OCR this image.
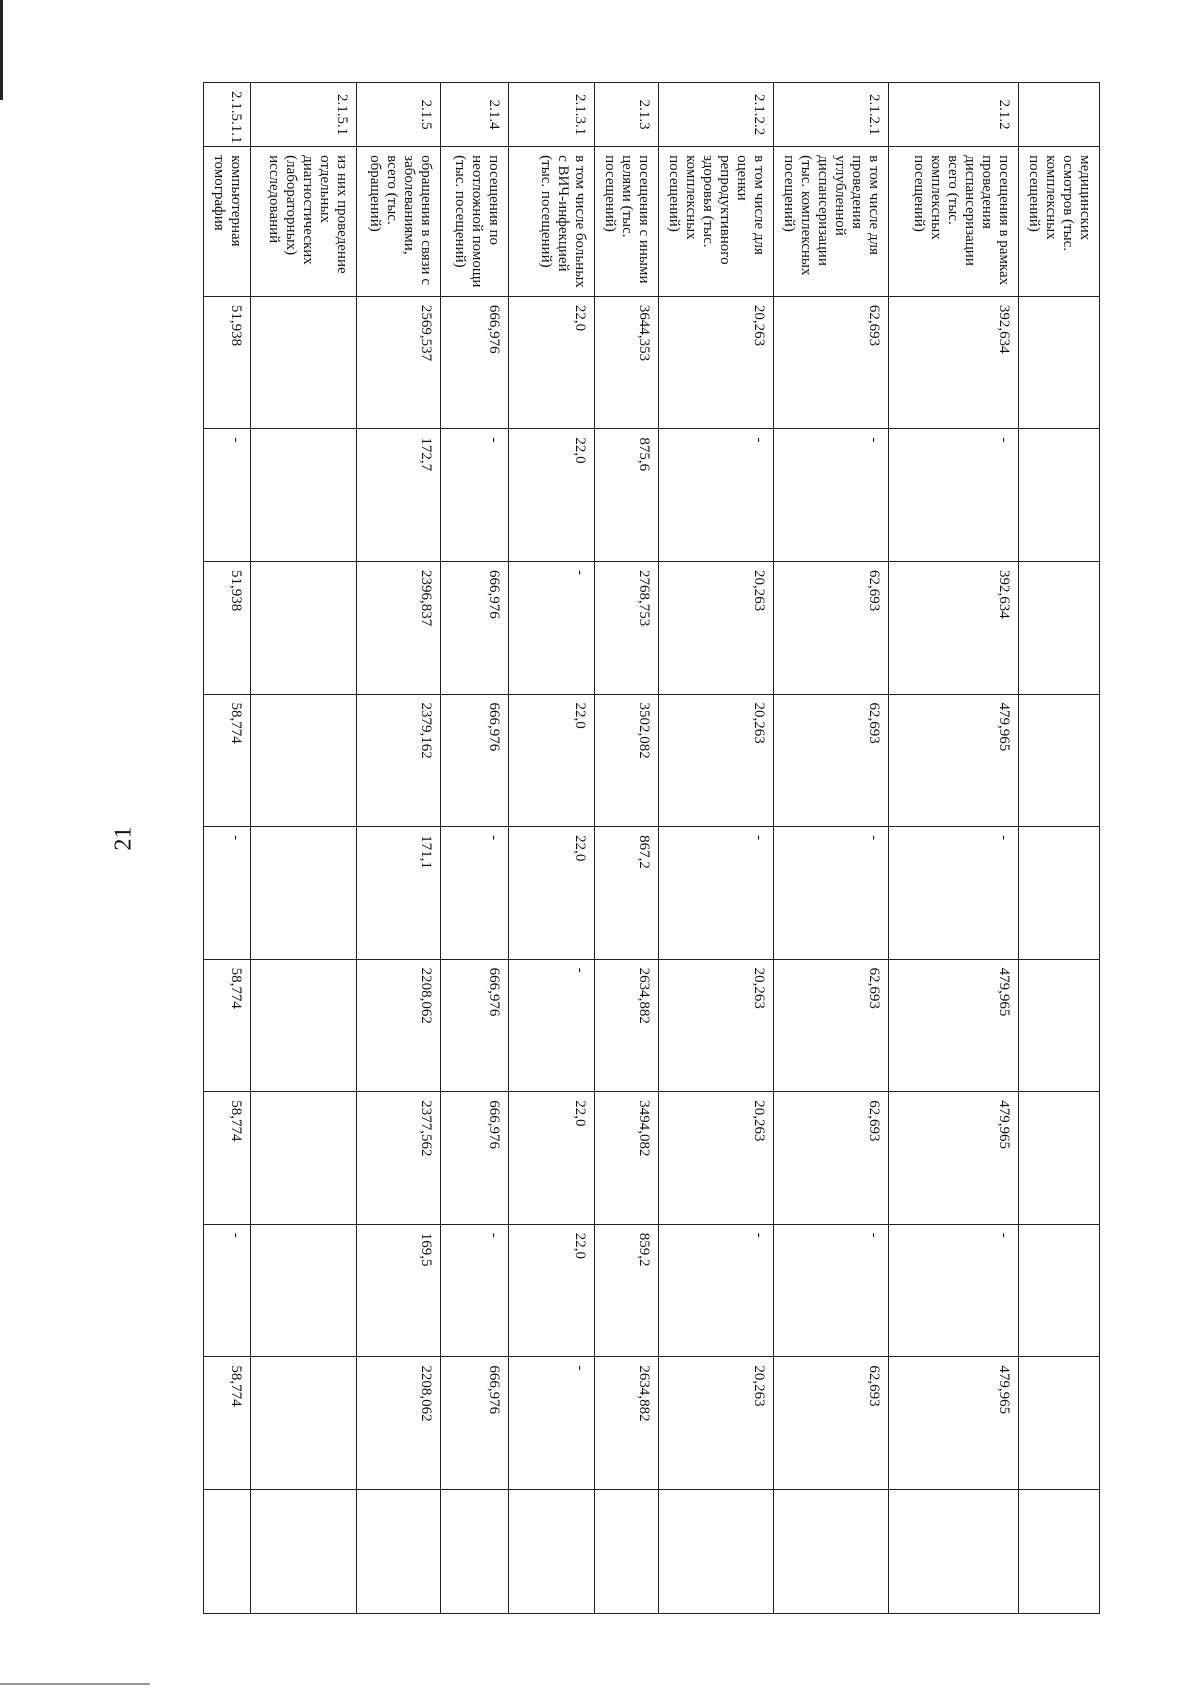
21
	медицинских осмотров (тыс. комплексных посещений)										
2.1.2	посещения в рамках проведения диспансеризации всего (тыс. комплексных посещений)	392,634	-	392,634	479,965	-	479,965	479,965	-	479,965	
2.1.2.1	в том числе для проведения углубленной диспансеризации (тыс. комплексных посещений)	62,693	-	62,693	62,693	-	62,693	62,693	-	62,693	
2.1.2.2	в том числе для оценки репродуктивного здоровья (тыс. комплексных посещений)	20,263	-	20,263	20,263	-	20,263	20,263	-	20,263	
2.1.3	посещения с иными целями (тыс. посещений)	3644,353	875,6	2768,753	3502,082	867,2	2634,882	3494,082	859,2	2634,882	
2.1.3.1	в том числе больных с ВИЧ-инфекцией (тыс. посещений)	22,0	22,0	-	22,0	22,0	-	22,0	22,0	-	
2.1.4	посещения по неотложной помощи (тыс. посещений)	666,976	-	666,976	666,976	-	666,976	666,976	-	666,976	
2.1.5	обращения в связи с заболеваниями, всего (тыс. обращений)	2569,537	172,7	2396,837	2379,162	171,1	2208,062	2377,562	169,5	2208,062	
2.1.5.1	из них проведение отдельных диагностических (лабораторных) исследований										
2.1.5.1.1	компьютерная томография	51,938	-	51,938	58,774	-	58,774	58,774	-	58,774	
